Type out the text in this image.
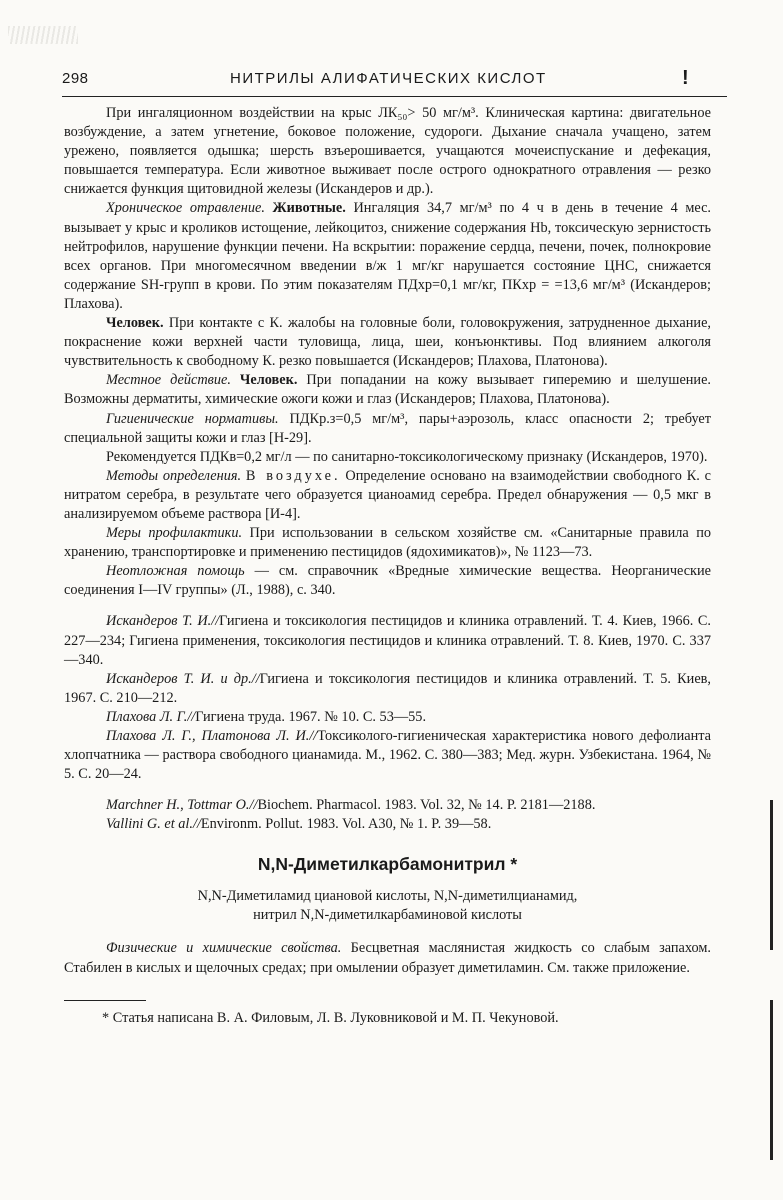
298	НИТРИЛЫ АЛИФАТИЧЕСКИХ КИСЛОТ	!

При ингаляционном воздействии на крыс ЛК₅₀> 50 мг/м³. Клиническая картина: двигательное возбуждение, а затем угнетение, боковое положение, судороги. Дыхание сначала учащено, затем урежено, появляется одышка; шерсть взъерошивается, учащаются мочеиспускание и дефекация, повышается температура. Если животное выживает после острого однократного отравления — резко снижается функция щитовидной железы (Искандеров и др.).

Хроническое отравление. Животные. Ингаляция 34,7 мг/м³ по 4 ч в день в течение 4 мес. вызывает у крыс и кроликов истощение, лейкоцитоз, снижение содержания Hb, токсическую зернистость нейтрофилов, нарушение функции печени. На вскрытии: поражение сердца, печени, почек, полнокровие всех органов. При многомесячном введении в/ж 1 мг/кг нарушается состояние ЦНС, снижается содержание SH-групп в крови. По этим показателям ПДхр=0,1 мг/кг, ПКхр = =13,6 мг/м³ (Искандеров; Плахова).

Человек. При контакте с К. жалобы на головные боли, головокружения, затрудненное дыхание, покраснение кожи верхней части туловища, лица, шеи, конъюнктивы. Под влиянием алкоголя чувствительность к свободному К. резко повышается (Искандеров; Плахова, Платонова).

Местное действие. Человек. При попадании на кожу вызывает гиперемию и шелушение. Возможны дерматиты, химические ожоги кожи и глаз (Искандеров; Плахова, Платонова).

Гигиенические нормативы. ПДКр.з=0,5 мг/м³, пары+аэрозоль, класс опасности 2; требует специальной защиты кожи и глаз [Н-29].

Рекомендуется ПДКв=0,2 мг/л — по санитарно-токсикологическому признаку (Искандеров, 1970).

Методы определения. В воздухе. Определение основано на взаимодействии свободного К. с нитратом серебра, в результате чего образуется цианоамид серебра. Предел обнаружения — 0,5 мкг в анализируемом объеме раствора [И-4].

Меры профилактики. При использовании в сельском хозяйстве см. «Санитарные правила по хранению, транспортировке и применению пестицидов (ядохимикатов)», № 1123—73.

Неотложная помощь — см. справочник «Вредные химические вещества. Неорганические соединения I—IV группы» (Л., 1988), с. 340.

Искандеров Т. И.//Гигиена и токсикология пестицидов и клиника отравлений. Т. 4. Киев, 1966. С. 227—234; Гигиена применения, токсикология пестицидов и клиника отравлений. Т. 8. Киев, 1970. С. 337—340.

Искандеров Т. И. и др.//Гигиена и токсикология пестицидов и клиника отравлений. Т. 5. Киев, 1967. С. 210—212.

Плахова Л. Г.//Гигиена труда. 1967. № 10. С. 53—55.

Плахова Л. Г., Платонова Л. И.//Токсиколого-гигиеническая характеристика нового дефолианта хлопчатника — раствора свободного цианамида. М., 1962. С. 380—383; Мед. журн. Узбекистана. 1964, № 5. С. 20—24.

Marchner H., Tottmar O.//Biochem. Pharmacol. 1983. Vol. 32, № 14. P. 2181—2188.

Vallini G. et al.//Environm. Pollut. 1983. Vol. A30, № 1. P. 39—58.

N,N-Диметилкарбамонитрил *
N,N-Диметиламид циановой кислоты, N,N-диметилцианамид,
нитрил N,N-диметилкарбаминовой кислоты

Физические и химические свойства. Бесцветная маслянистая жидкость со слабым запахом. Стабилен в кислых и щелочных средах; при омылении образует диметиламин. См. также приложение.

* Статья написана В. А. Филовым, Л. В. Луковниковой и М. П. Чекуновой.
